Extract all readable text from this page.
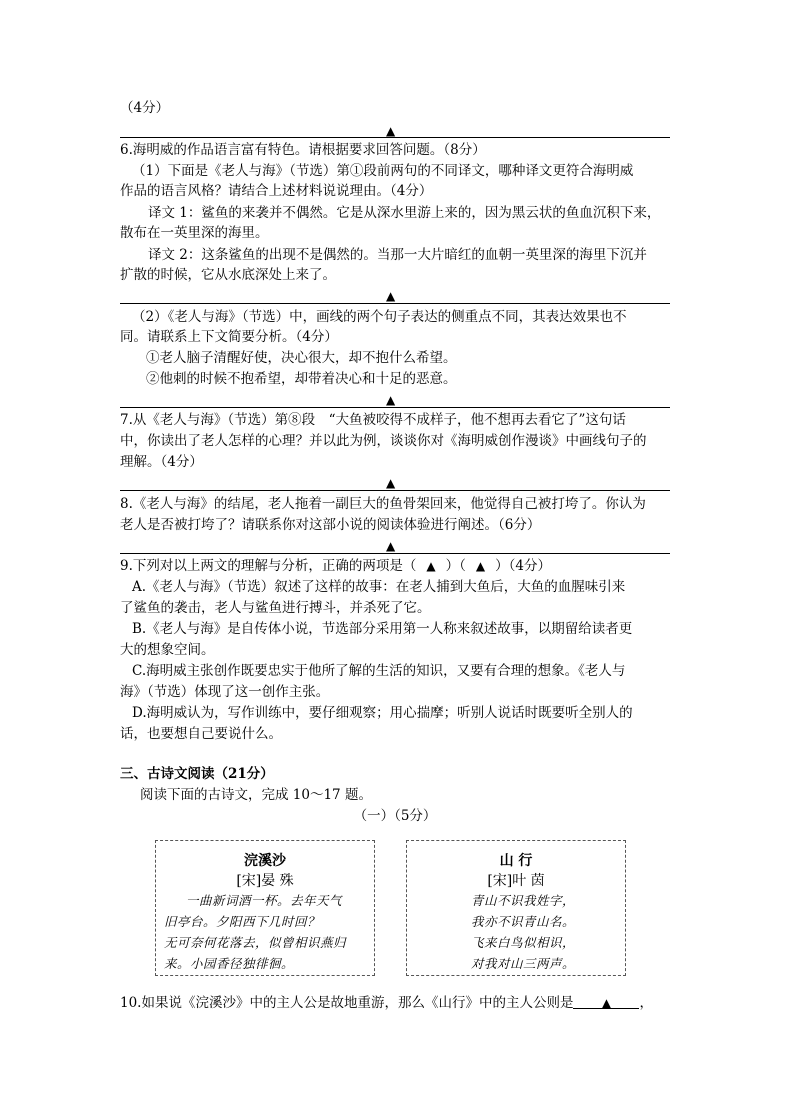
（4分）
▲
6.海明威的作品语言富有特色。请根据要求回答问题。（8分）
（1）下面是《老人与海》（节选）第①段前两句的不同译文，哪种译文更符合海明威
作品的语言风格？请结合上述材料说说理由。（4分）
译文 1：鲨鱼的来袭并不偶然。它是从深水里游上来的，因为黑云状的鱼血沉积下来，
散布在一英里深的海里。
译文 2：这条鲨鱼的出现不是偶然的。当那一大片暗红的血朝一英里深的海里下沉并
扩散的时候，它从水底深处上来了。
▲
（2）《老人与海》（节选）中，画线的两个句子表达的侧重点不同，其表达效果也不
同。请联系上下文简要分析。（4分）
①老人脑子清醒好使，决心很大，却不抱什么希望。
②他刺的时候不抱希望，却带着决心和十足的恶意。
▲
7.从《老人与海》（节选）第⑧段　“大鱼被咬得不成样子，他不想再去看它了”这句话
中，你读出了老人怎样的心理？并以此为例，谈谈你对《海明威创作漫谈》中画线句子的
理解。（4分）
▲
8.《老人与海》的结尾，老人拖着一副巨大的鱼骨架回来，他觉得自己被打垮了。你认为
老人是否被打垮了？请联系你对这部小说的阅读体验进行阐述。（6分）
▲
9.下列对以上两文的理解与分析，正确的两项是（ ▲ ）（ ▲ ）（4分）
A.《老人与海》（节选）叙述了这样的故事：在老人捕到大鱼后，大鱼的血腥味引来
了鲨鱼的袭击，老人与鲨鱼进行搏斗，并杀死了它。
B.《老人与海》是自传体小说，节选部分采用第一人称来叙述故事，以期留给读者更
大的想象空间。
C.海明威主张创作既要忠实于他所了解的生活的知识，又要有合理的想象。《老人与
海》（节选）体现了这一创作主张。
D.海明威认为，写作训练中，要仔细观察；用心揣摩；听别人说话时既要听全别人的
话，也要想自己要说什么。
三、古诗文阅读（21分）
阅读下面的古诗文，完成 10～17 题。
（一）（5分）
浣溪沙
[宋]晏 殊
一曲新词酒一杯。去年天气
旧亭台。夕阳西下几时回？
无可奈何花落去，似曾相识燕归
来。小园香径独徘徊。
山 行
[宋]叶 茵
青山不识我姓字，
我亦不识青山名。
飞来白鸟似相识，
对我对山三两声。
10.如果说《浣溪沙》中的主人公是故地重游，那么《山行》中的主人公则是 ▲ ，
